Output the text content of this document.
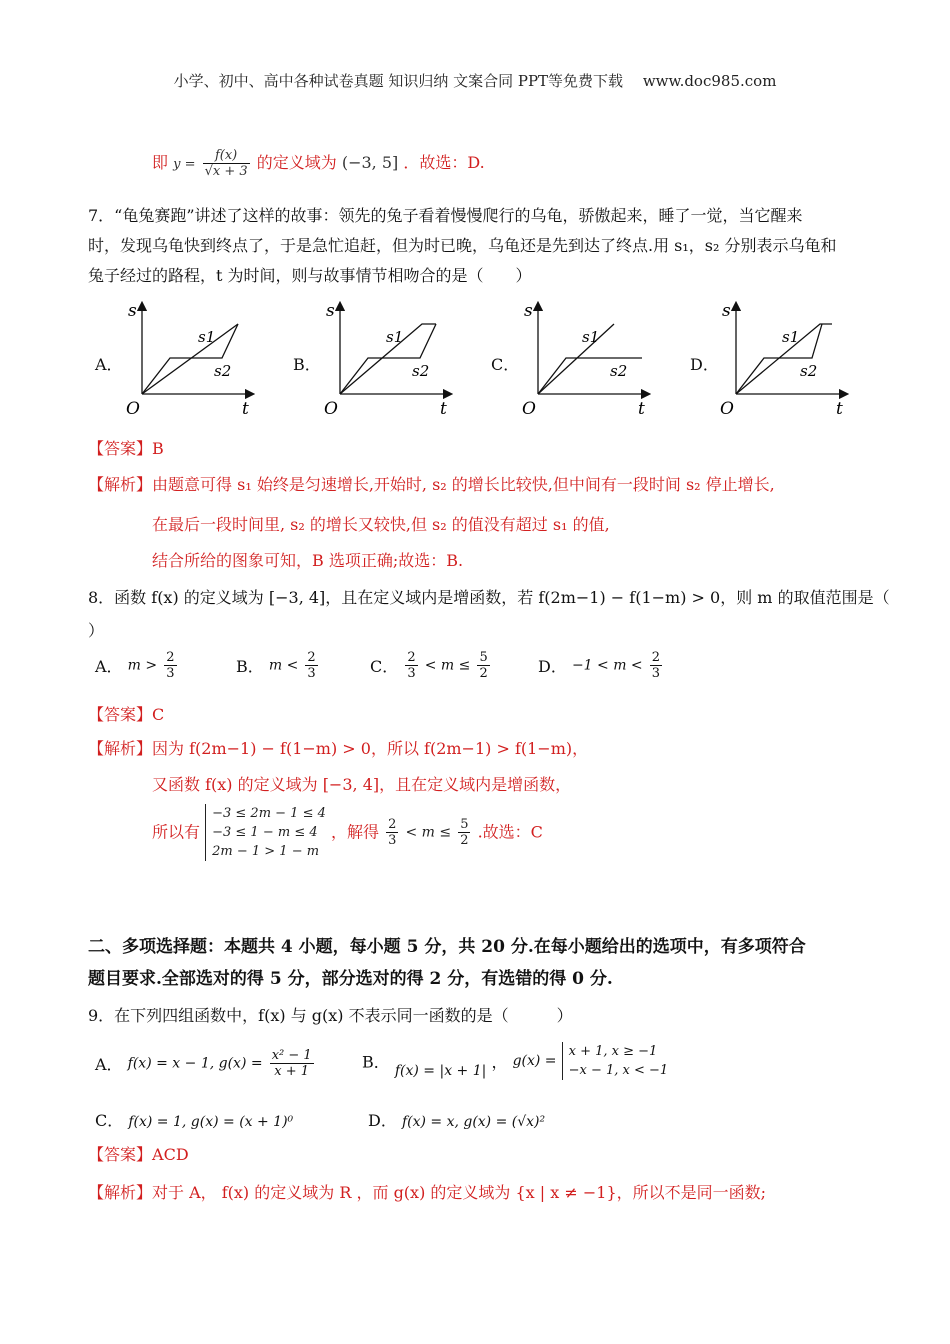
小学、初中、高中各种试卷真题 知识归纳 文案合同 PPT等免费下载　 www.doc985.com
即 $y = \frac{f(x)}{√x + 3}$ 的定义域为 (−3, 5] ．故选：D.
7．“龟兔赛跑”讲述了这样的故事：领先的兔子看着慢慢爬行的乌龟，骄傲起来，睡了一觉，当它醒来
时，发现乌龟快到终点了，于是急忙追赶，但为时已晚，乌龟还是先到达了终点.用 s₁，s₂ 分别表示乌龟和
兔子经过的路程，t 为时间，则与故事情节相吻合的是（　　）
A．	B．	C．	D．
s
t
O
s1
s2
s
t
O
s1
s2
s
t
O
s1
s2
s
t
O
s1
s2
【答案】B
【解析】由题意可得 s₁ 始终是匀速增长,开始时, s₂ 的增长比较快,但中间有一段时间 s₂ 停止增长,
在最后一段时间里, s₂ 的增长又较快,但 s₂ 的值没有超过 s₁ 的值,
结合所给的图象可知，B 选项正确;故选：B.
8．函数 f(x) 的定义域为 [−3, 4]，且在定义域内是增函数，若 f(2m−1) − f(1−m) > 0，则 m 的取值范围是（
）
A． $m > \frac{2}{3}$	B． $m < \frac{2}{3}$	C． $\frac{2}{3} < m \le \frac{5}{2}$	D． $-1 < m < \frac{2}{3}$
【答案】C
【解析】因为 f(2m−1) − f(1−m) > 0，所以 f(2m−1) > f(1−m)，
又函数 f(x) 的定义域为 [−3, 4]，且在定义域内是增函数，
所以有
−3 ≤ 2m − 1 ≤ 4
−3 ≤ 1 − m ≤ 4
2m − 1 > 1 − m
，解得 $\frac{2}{3} < m \le \frac{5}{2}$ .故选：C
二、多项选择题：本题共 4 小题，每小题 5 分，共 20 分.在每小题给出的选项中，有多项符合
题目要求.全部选对的得 5 分，部分选对的得 2 分，有选错的得 0 分.
9．在下列四组函数中，f(x) 与 g(x) 不表示同一函数的是（　　　）
A． f(x) = x − 1, $g(x) = \frac{\text{x² − 1}}{x + 1}$	B． f(x) = |x + 1| ， g(x) =
x + 1, x ≥ −1
−x − 1, x < −1
C． f(x) = 1, g(x) = (x + 1)⁰	D． f(x) = x, g(x) = (√x)²
【答案】ACD
【解析】对于 A， f(x) 的定义域为 R ，而 g(x) 的定义域为 {x | x ≠ −1}，所以不是同一函数;
